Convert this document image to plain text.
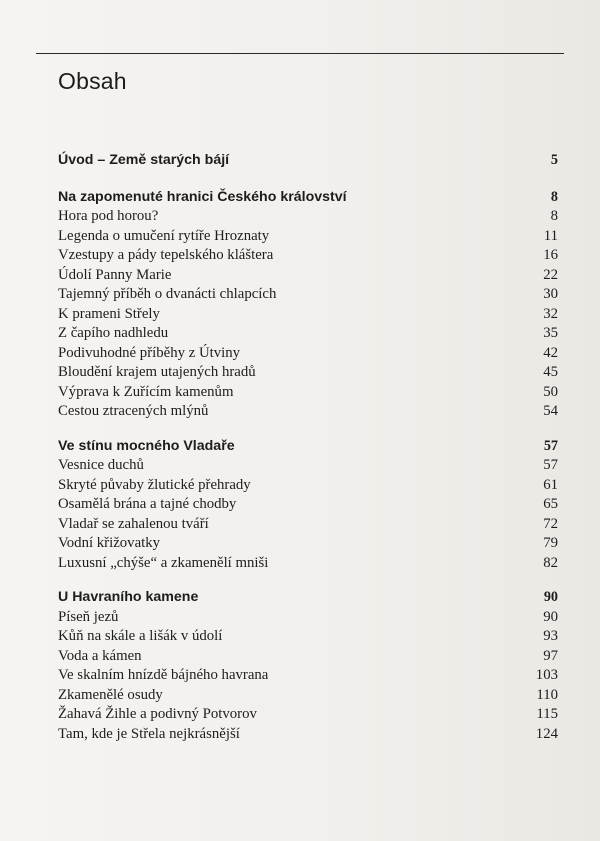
Obsah
Úvod – Země starých bájí	5
Na zapomenuté hranici Českého království	8
Hora pod horou?	8
Legenda o umučení rytíře Hroznaty	11
Vzestupy a pády tepelského kláštera	16
Údolí Panny Marie	22
Tajemný příběh o dvanácti chlapcích	30
K prameni Střely	32
Z čapího nadhledu	35
Podivuhodné příběhy z Útviny	42
Bloudění krajem utajených hradů	45
Výprava k Zuřícím kamenům	50
Cestou ztracených mlýnů	54
Ve stínu mocného Vladaře	57
Vesnice duchů	57
Skryté půvaby žlutické přehrady	61
Osamělá brána a tajné chodby	65
Vladař se zahalenou tváří	72
Vodní křižovatky	79
Luxusní „chýše“ a zkamenělí mniši	82
U Havraního kamene	90
Píseň jezů	90
Kůň na skále a lišák v údolí	93
Voda a kámen	97
Ve skalním hnízdě bájného havrana	103
Zkamenělé osudy	110
Žahavá Žihle a podivný Potvorov	115
Tam, kde je Střela nejkrásnější	124
